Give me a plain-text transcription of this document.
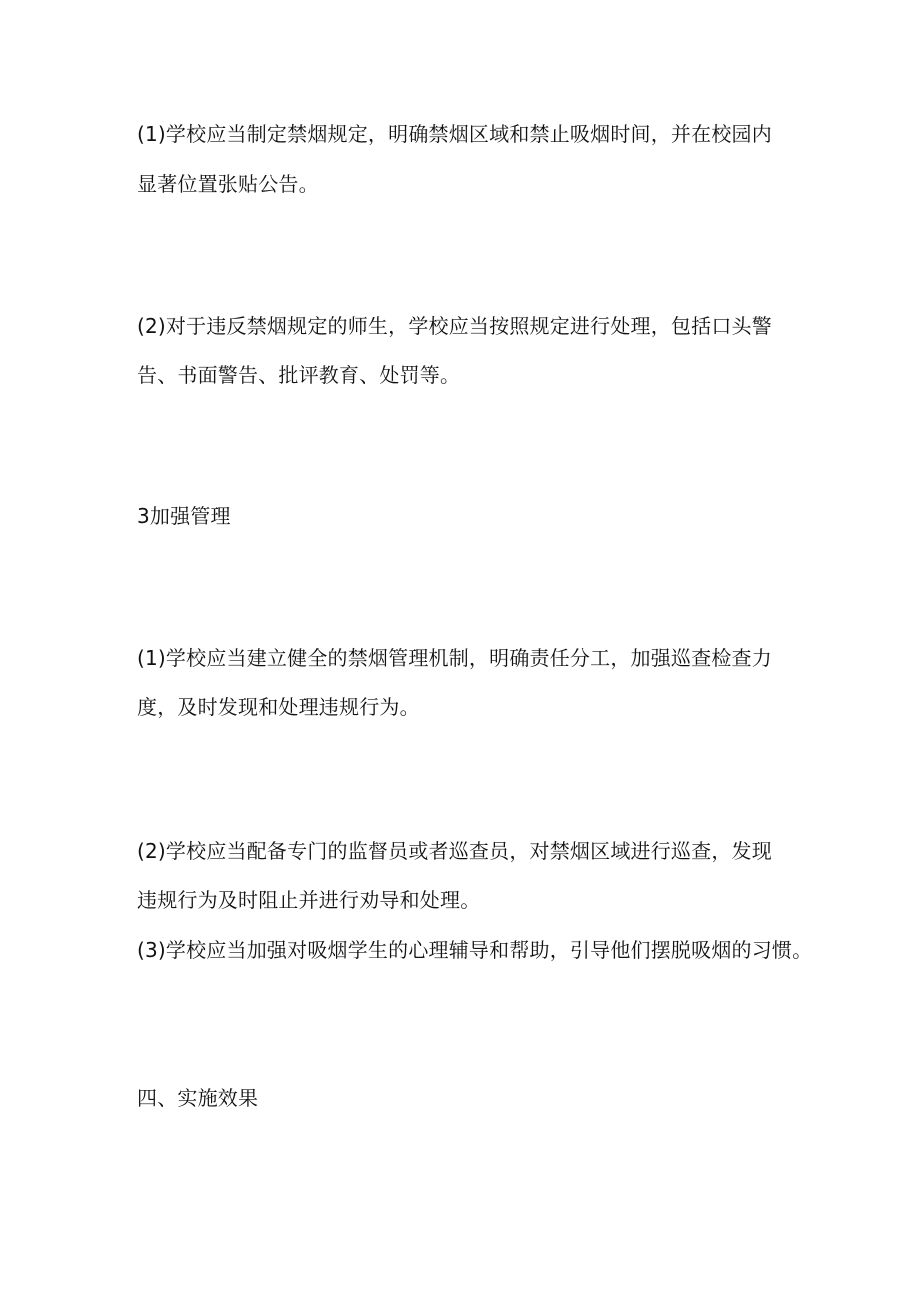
(1)学校应当制定禁烟规定，明确禁烟区域和禁止吸烟时间，并在校园内
显著位置张贴公告。
(2)对于违反禁烟规定的师生，学校应当按照规定进行处理，包括口头警
告、书面警告、批评教育、处罚等。
3加强管理
(1)学校应当建立健全的禁烟管理机制，明确责任分工，加强巡查检查力
度，及时发现和处理违规行为。
(2)学校应当配备专门的监督员或者巡查员，对禁烟区域进行巡查，发现
违规行为及时阻止并进行劝导和处理。
(3)学校应当加强对吸烟学生的心理辅导和帮助，引导他们摆脱吸烟的习惯。
四、实施效果
